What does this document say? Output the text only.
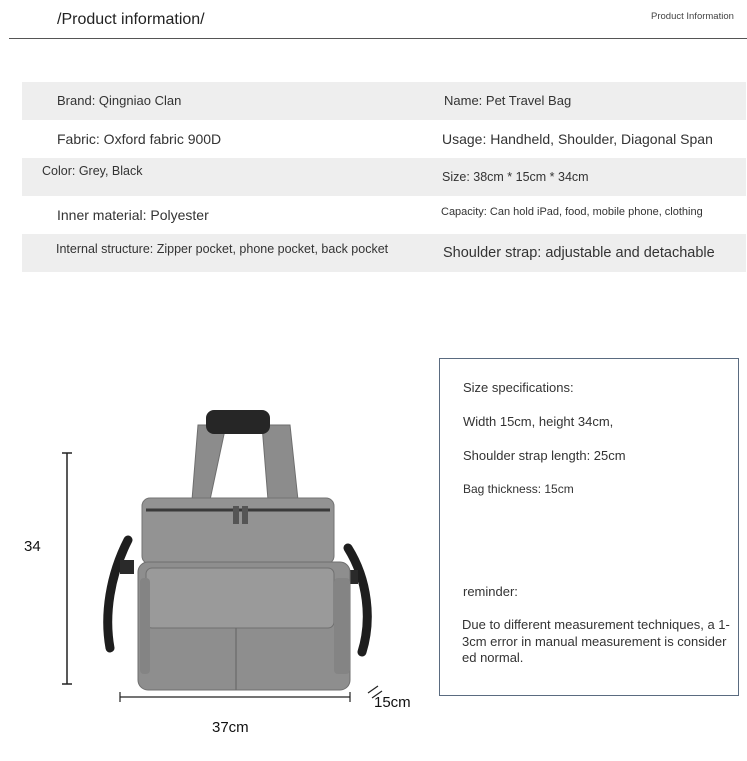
/Product information/	Product Information
Brand: Qingniao Clan	Name: Pet Travel Bag
Fabric: Oxford fabric 900D	Usage: Handheld, Shoulder, Diagonal Span
Color: Grey, Black	Size: 38cm * 15cm * 34cm
Inner material: Polyester	Capacity: Can hold iPad, food, mobile phone, clothing
Internal structure: Zipper pocket, phone pocket, back pocket	Shoulder strap: adjustable and detachable
34
37cm
15cm
Size specifications:
Width 15cm, height 34cm,
Shoulder strap length: 25cm
Bag thickness: 15cm
reminder:
Due to different measurement techniques, a 1-3cm error in manual measurement is considered normal.
